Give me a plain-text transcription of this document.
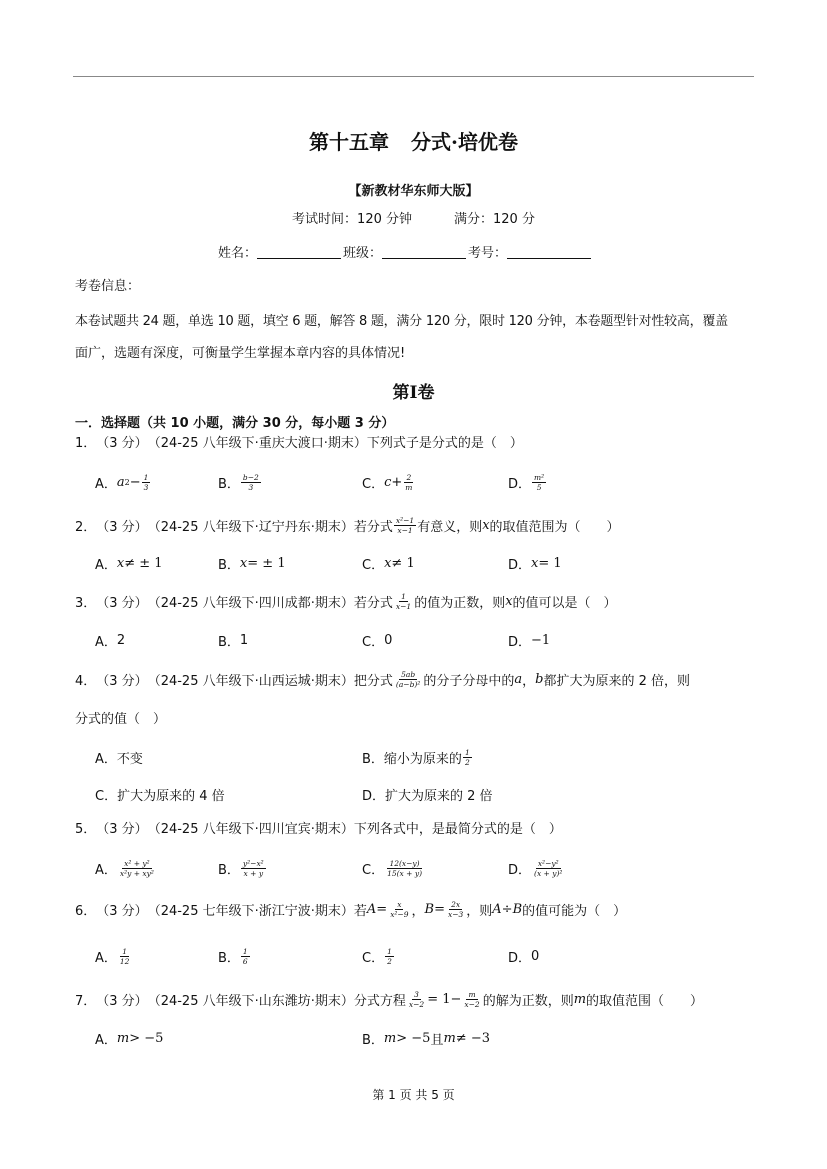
第十五章 分式·培优卷
【新教材华东师大版】
考试时间：120 分钟	满分：120 分
姓名：	班级：	考号：
考卷信息：
本卷试题共 24 题，单选 10 题，填空 6 题，解答 8 题，满分 120 分，限时 120 分钟，本卷题型针对性较高，覆盖
面广，选题有深度，可衡量学生掌握本章内容的具体情况!
第Ⅰ卷
一．选择题（共 10 小题，满分 30 分，每小题 3 分）
1． （3 分） （24-25 八年级下·重庆大渡口·期末） 下列式子是分式的是（　）
A． a $2 - \frac{1}{3}$	B． $\frac{b-2}{3}$	C． $c + \frac{2}{m}$	D． $\frac{\text{m²}}{5}$
2． （3 分） （24-25 八年级下·辽宁丹东·期末） 若分式 $\frac{\text{x²−1}}{x-1}$ 有意义，则 x 的取值范围为（　　）
A． x ≠ ± 1	B． x = ± 1	C． x ≠ 1	D． x = 1
3． （3 分） （24-25 八年级下·四川成都·期末） 若分式 $\frac{1}{x-1}$ 的值为正数，则 x 的值可以是（　）
A． 2	B． 1	C． 0	D． −1
4． （3 分） （24-25 八年级下·山西运城·期末） 把分式 $\frac{5ab}{\text{(a−b)²}}$ 的分子分母中的 a ， b 都扩大为原来的 2 倍，则
分式的值（　）
A． 不变	B． 缩小为原来的 $\frac{1}{2}$
C． 扩大为原来的 4 倍	D． 扩大为原来的 2 倍
5． （3 分） （24-25 八年级下·四川宜宾·期末） 下列各式中，是最简分式的是（　）
A． $\frac{\text{x² + y²}}{\text{x²y + xy²}}$	B． $\frac{\text{y²−x²}}{x + y}$	C． $\frac{12(x-y)}{15(x + y)}$	D． $\frac{\text{x²−y²}}{\text{(x + y)²}}$
6． （3 分） （24-25 七年级下·浙江宁波·期末） 若 $A = \frac{x}{\text{x²−9}}$ ， $B = \frac{2x}{x-3}$ ，则 A ÷ B 的值可能为（　）
A． $\frac{1}{12}$	B． $\frac{1}{6}$	C． $\frac{1}{2}$	D． 0
7． （3 分） （24-25 八年级下·山东潍坊·期末） 分式方程 $\frac{3}{x-2} = 1- \frac{m}{x-2}$ 的解为正数，则 m 的取值范围（　　）
A． m > −5	B． m > −5 且 m ≠ −3
第 1 页 共 5 页
